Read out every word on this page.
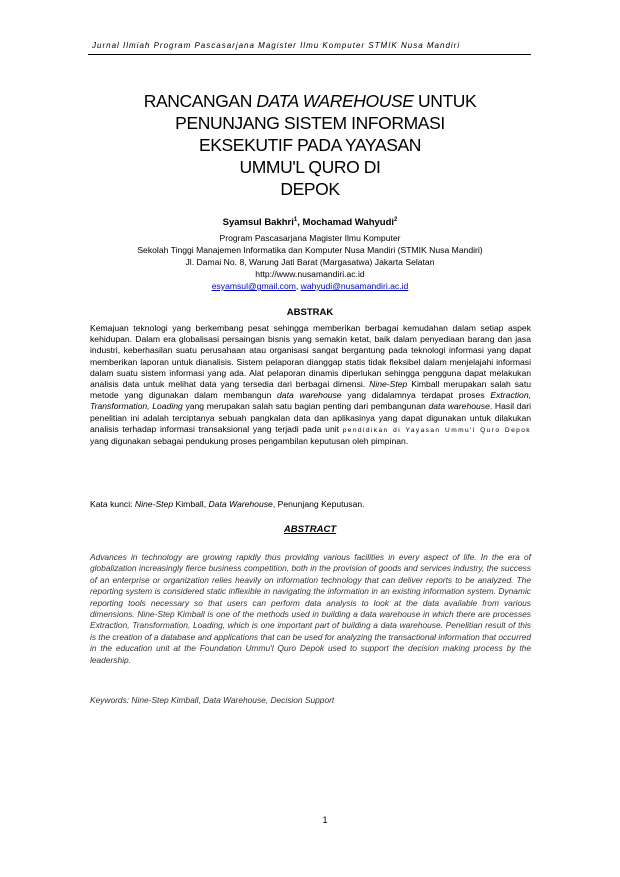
Jurnal Ilmiah Program Pascasarjana Magister Ilmu Komputer STMIK Nusa Mandiri
RANCANGAN DATA WAREHOUSE UNTUK
PENUNJANG SISTEM INFORMASI
EKSEKUTIF PADA YAYASAN
UMMU'L QURO DI
DEPOK
Syamsul Bakhri$^1$, Mochamad Wahyudi$^2$
Program Pascasarjana Magister Ilmu Komputer
Sekolah Tinggi Manajemen Informatika dan Komputer Nusa Mandiri (STMIK Nusa Mandiri)
Jl. Damai No. 8, Warung Jati Barat (Margasatwa) Jakarta Selatan
http://www.nusamandiri.ac.id
esyamsul@gmail.com, wahyudi@nusamandiri.ac.id
ABSTRAK

Kemajuan teknologi yang berkembang pesat sehingga memberikan berbagai kemudahan dalam setiap aspek kehidupan. Dalam era globalisasi persaingan bisnis yang semakin ketat, baik dalam penyediaan barang dan jasa industri, keberhasilan suatu perusahaan atau organisasi sangat bergantung pada teknologi informasi yang dapat memberikan laporan untuk dianalisis. Sistem pelaporan dianggap statis tidak fleksibel dalam menjelajahi informasi dalam suatu sistem informasi yang ada. Alat pelaporan dinamis diperlukan sehingga pengguna dapat melakukan analisis data untuk melihat data yang tersedia dari berbagai dimensi. Nine-Step Kimball merupakan salah satu metode yang digunakan dalam membangun data warehouse yang didalamnya terdapat proses Extraction, Transformation, Loading yang merupakan salah satu bagian penting dari pembangunan data warehouse. Hasil dari penelitian ini adalah terciptanya sebuah pangkalan data dan aplikasinya yang dapat digunakan untuk dilakukan analisis terhadap informasi transaksional yang terjadi pada unit pendidikan di Yayasan Ummu'l Quro Depok yang digunakan sebagai pendukung proses pengambilan keputusan oleh pimpinan.

Kata kunci: Nine-Step Kimball, Data Warehouse, Penunjang Keputusan.

ABSTRACT

Advances in technology are growing rapidly thus providing various facilities in every aspect of life. In the era of globalization increasingly fierce business competition, both in the provision of goods and services industry, the success of an enterprise or organization relies heavily on information technology that can deliver reports to be analyzed. The reporting system is considered static inflexible in navigating the information in an existing information system. Dynamic reporting tools necessary so that users can perform data analysis to look at the data available from various dimensions. Nine-Step Kimball is one of the methods used in building a data warehouse in which there are processes Extraction, Transformation, Loading, which is one important part of building a data warehouse. Penelitian result of this is the creation of a database and applications that can be used for analyzing the transactional information that occurred in the education unit at the Foundation Ummu'l Quro Depok used to support the decision making process by the leadership.

Keywords: Nine-Step Kimball, Data Warehouse, Decision Support

1
